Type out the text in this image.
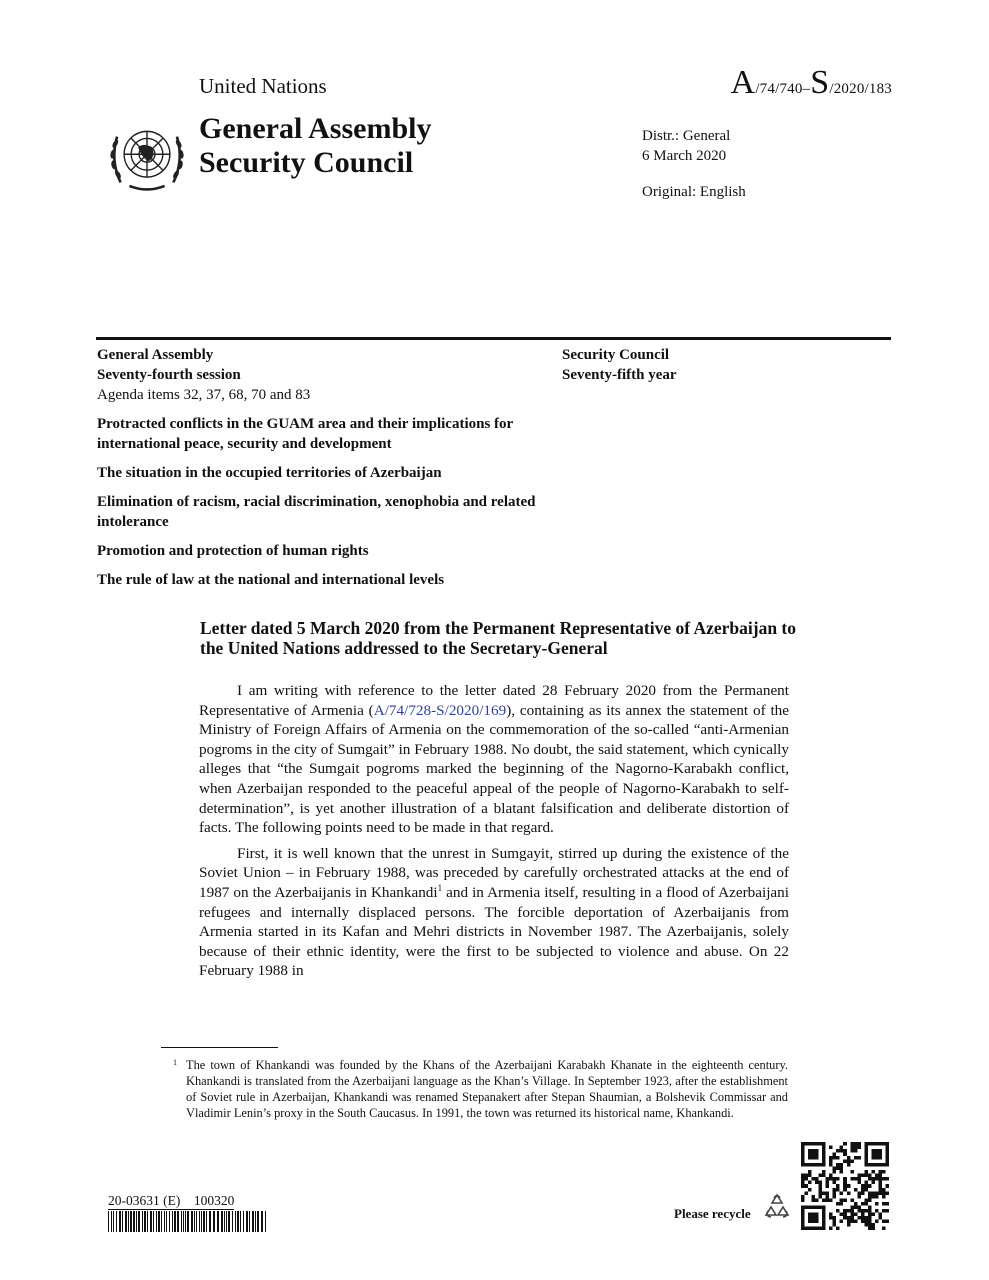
United Nations	A/74/740–S/2020/183
General Assembly
Security Council
Distr.: General
6 March 2020
Original: English
General Assembly
Seventy-fourth session
Agenda items 32, 37, 68, 70 and 83
Protracted conflicts in the GUAM area and their implications for international peace, security and development
The situation in the occupied territories of Azerbaijan
Elimination of racism, racial discrimination, xenophobia and related intolerance
Promotion and protection of human rights
The rule of law at the national and international levels
Security Council
Seventy-fifth year
Letter dated 5 March 2020 from the Permanent Representative of Azerbaijan to the United Nations addressed to the Secretary-General

I am writing with reference to the letter dated 28 February 2020 from the Permanent Representative of Armenia (A/74/728-S/2020/169), containing as its annex the statement of the Ministry of Foreign Affairs of Armenia on the commemoration of the so-called “anti-Armenian pogroms in the city of Sumgait” in February 1988. No doubt, the said statement, which cynically alleges that “the Sumgait pogroms marked the beginning of the Nagorno-Karabakh conflict, when Azerbaijan responded to the peaceful appeal of the people of Nagorno-Karabakh to self-determination”, is yet another illustration of a blatant falsification and deliberate distortion of facts. The following points need to be made in that regard.

First, it is well known that the unrest in Sumgayit, stirred up during the existence of the Soviet Union – in February 1988, was preceded by carefully orchestrated attacks at the end of 1987 on the Azerbaijanis in Khankandi$^1$ and in Armenia itself, resulting in a flood of Azerbaijani refugees and internally displaced persons. The forcible deportation of Azerbaijanis from Armenia started in its Kafan and Mehri districts in November 1987. The Azerbaijanis, solely because of their ethnic identity, were the first to be subjected to violence and abuse. On 22 February 1988 in

1 The town of Khankandi was founded by the Khans of the Azerbaijani Karabakh Khanate in the eighteenth century. Khankandi is translated from the Azerbaijani language as the Khan’s Village. In September 1923, after the establishment of Soviet rule in Azerbaijan, Khankandi was renamed Stepanakert after Stepan Shaumian, a Bolshevik Commissar and Vladimir Lenin’s proxy in the South Caucasus. In 1991, the town was returned its historical name, Khankandi.
20-03631 (E)    100320
Please recycle
